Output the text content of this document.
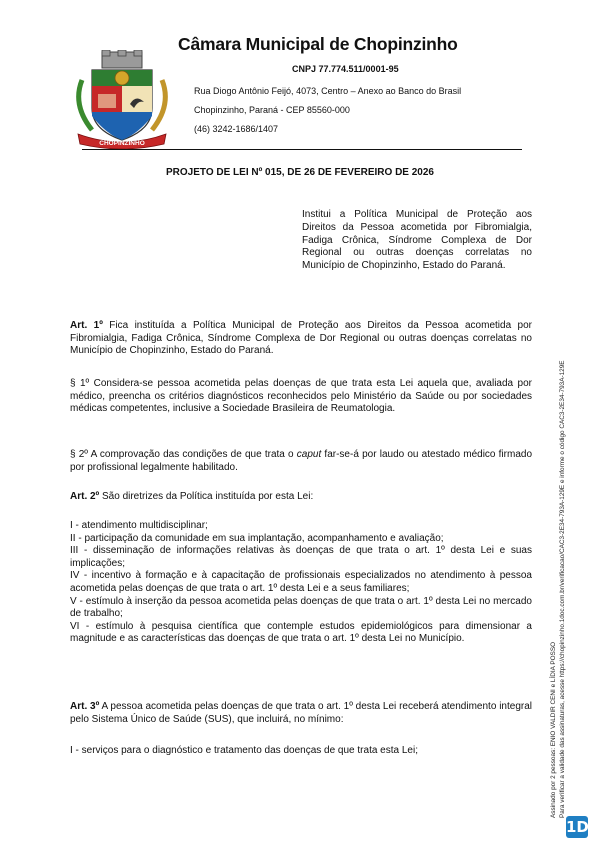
CHOPINZINHO
Câmara Municipal de Chopinzinho
CNPJ 77.774.511/0001-95
Rua Diogo Antônio Feijó, 4073, Centro – Anexo ao Banco do Brasil
Chopinzinho, Paraná - CEP 85560-000
(46) 3242-1686/1407
PROJETO DE LEI Nº 015, DE 26 DE FEVEREIRO DE 2026
Institui a Política Municipal de Proteção aos Direitos da Pessoa acometida por Fibromialgia, Fadiga Crônica, Síndrome Complexa de Dor Regional ou outras doenças correlatas no Município de Chopinzinho, Estado do Paraná.

Art. 1º Fica instituída a Política Municipal de Proteção aos Direitos da Pessoa acometida por Fibromialgia, Fadiga Crônica, Síndrome Complexa de Dor Regional ou outras doenças correlatas no Município de Chopinzinho, Estado do Paraná.

§ 1º Considera-se pessoa acometida pelas doenças de que trata esta Lei aquela que, avaliada por médico, preencha os critérios diagnósticos reconhecidos pelo Ministério da Saúde ou por sociedades médicas competentes, inclusive a Sociedade Brasileira de Reumatologia.

§ 2º A comprovação das condições de que trata o caput far-se-á por laudo ou atestado médico firmado por profissional legalmente habilitado.

Art. 2º São diretrizes da Política instituída por esta Lei:

I - atendimento multidisciplinar;

II - participação da comunidade em sua implantação, acompanhamento e avaliação;

III - disseminação de informações relativas às doenças de que trata o art. 1º desta Lei e suas implicações;

IV - incentivo à formação e à capacitação de profissionais especializados no atendimento à pessoa acometida pelas doenças de que trata o art. 1º desta Lei e a seus familiares;

V - estímulo à inserção da pessoa acometida pelas doenças de que trata o art. 1º desta Lei no mercado de trabalho;

VI - estímulo à pesquisa científica que contemple estudos epidemiológicos para dimensionar a magnitude e as características das doenças de que trata o art. 1º desta Lei no Município.

Art. 3º A pessoa acometida pelas doenças de que trata o art. 1º desta Lei receberá atendimento integral pelo Sistema Único de Saúde (SUS), que incluirá, no mínimo:

I - serviços para o diagnóstico e tratamento das doenças de que trata esta Lei;	Assinado por 2 pessoas: ENIO VALDIR CENI e LÍDIA POSSO Para verificar a validade das assinaturas, acesse https://chopinzinho.1doc.com.br/verificacao/CAC3-2E34-793A-129E e informe o código CAC3-2E34-793A-129E
1D
